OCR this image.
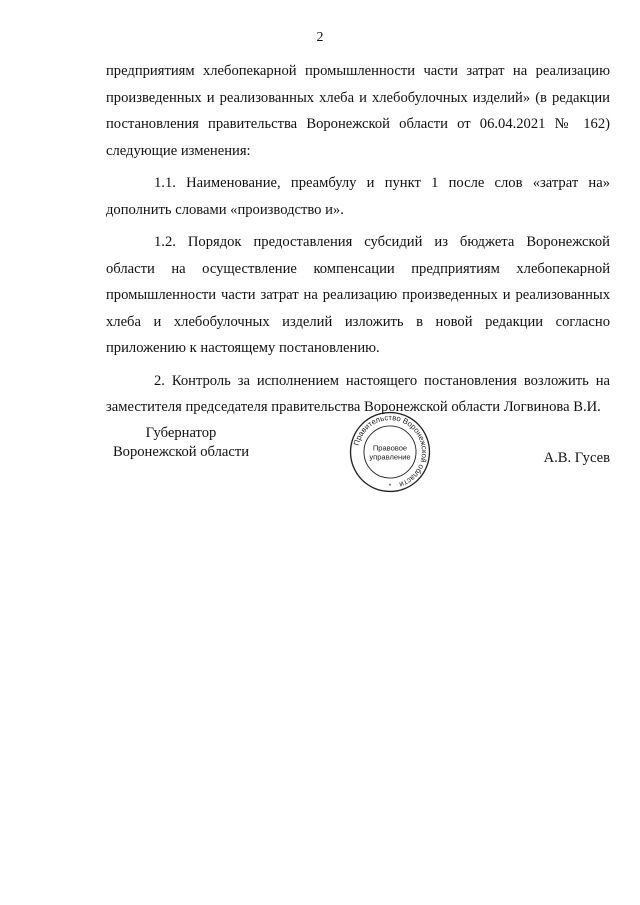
2

предприятиям хлебопекарной промышленности части затрат на реализацию произведенных и реализованных хлеба и хлебобулочных изделий» (в редакции постановления правительства Воронежской области от 06.04.2021 № 162) следующие изменения:

1.1. Наименование, преамбулу и пункт 1 после слов «затрат на» дополнить словами «производство и».

1.2. Порядок предоставления субсидий из бюджета Воронежской области на осуществление компенсации предприятиям хлебопекарной промышленности части затрат на реализацию произведенных и реализованных хлеба и хлебобулочных изделий изложить в новой редакции согласно приложению к настоящему постановлению.

2. Контроль за исполнением настоящего постановления возложить на заместителя председателя правительства Воронежской области Логвинова В.И.

Губернатор
Воронежской области
Правительство Воронежской области
Правовое
управление
*
А.В. Гусев
